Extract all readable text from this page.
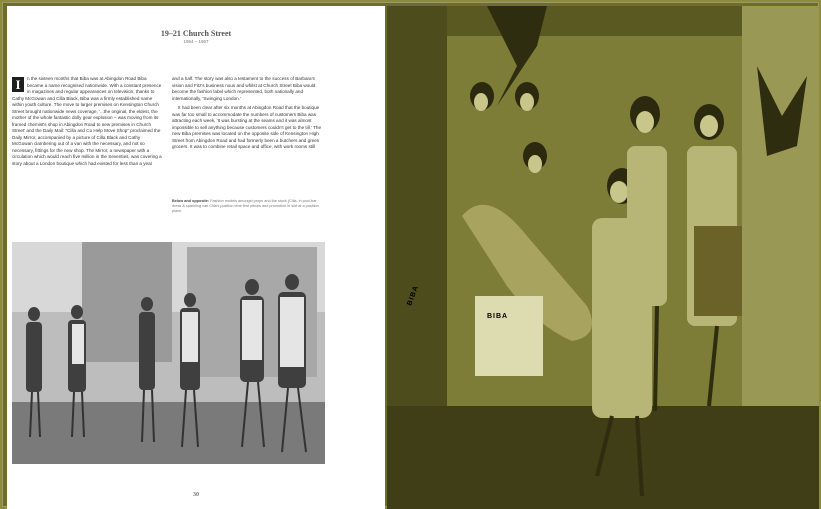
19–21 Church Street
1964 – 1967

I	n the sixteen months that Biba was at Abingdon Road Biba became a name recognised nationwide. With a constant presence in magazines and regular appearances on television, thanks to Cathy McGowan and Cilla Black, Biba was a firmly established name within youth culture. The move to larger premises on Kensington Church Street brought nationwide news coverage, '...the original, the eldest, the mother of the whole fantastic dolly gear explosion – was moving from its framed chemist's shop in Abingdon Road to new premises in Church Street' and the Daily Mail: "Cilla and Co Help Move Shop" proclaimed the Daily Mirror, accompanied by a picture of Cilla Black and Cathy McGowan clambering out of a van with the necessary, and not so necessary, fittings for the new shop. The Mirror, a newspaper with a circulation which would reach five million in the Seventies, was covering a story about a London boutique which had existed for less than a year

and a half. The story was also a testament to the success of Barbara's vision and Fitz's business nous and whilst at Church Street Biba would become the fashion label which represented, both nationally and internationally, 'Swinging London.'

It had been clear after six months at Abingdon Road that the boutique was far too small to accommodate the numbers of customers Biba was attracting each week. 'It was bursting at the seams and it was almost impossible to sell anything because customers couldn't get to the till.' The new Biba premises was located on the opposite side of Kensington High Street from Abingdon Road and had formerly been a butchers and green grocers. It was to combine retail space and office, with work rooms still

Below and opposite: Fashion models amongst props and the stock (Cilla, in pool-bar dress & sparkling van Cilla's position time first pieces and promotion in slot at a position place.
30
BIBA
BIBA
